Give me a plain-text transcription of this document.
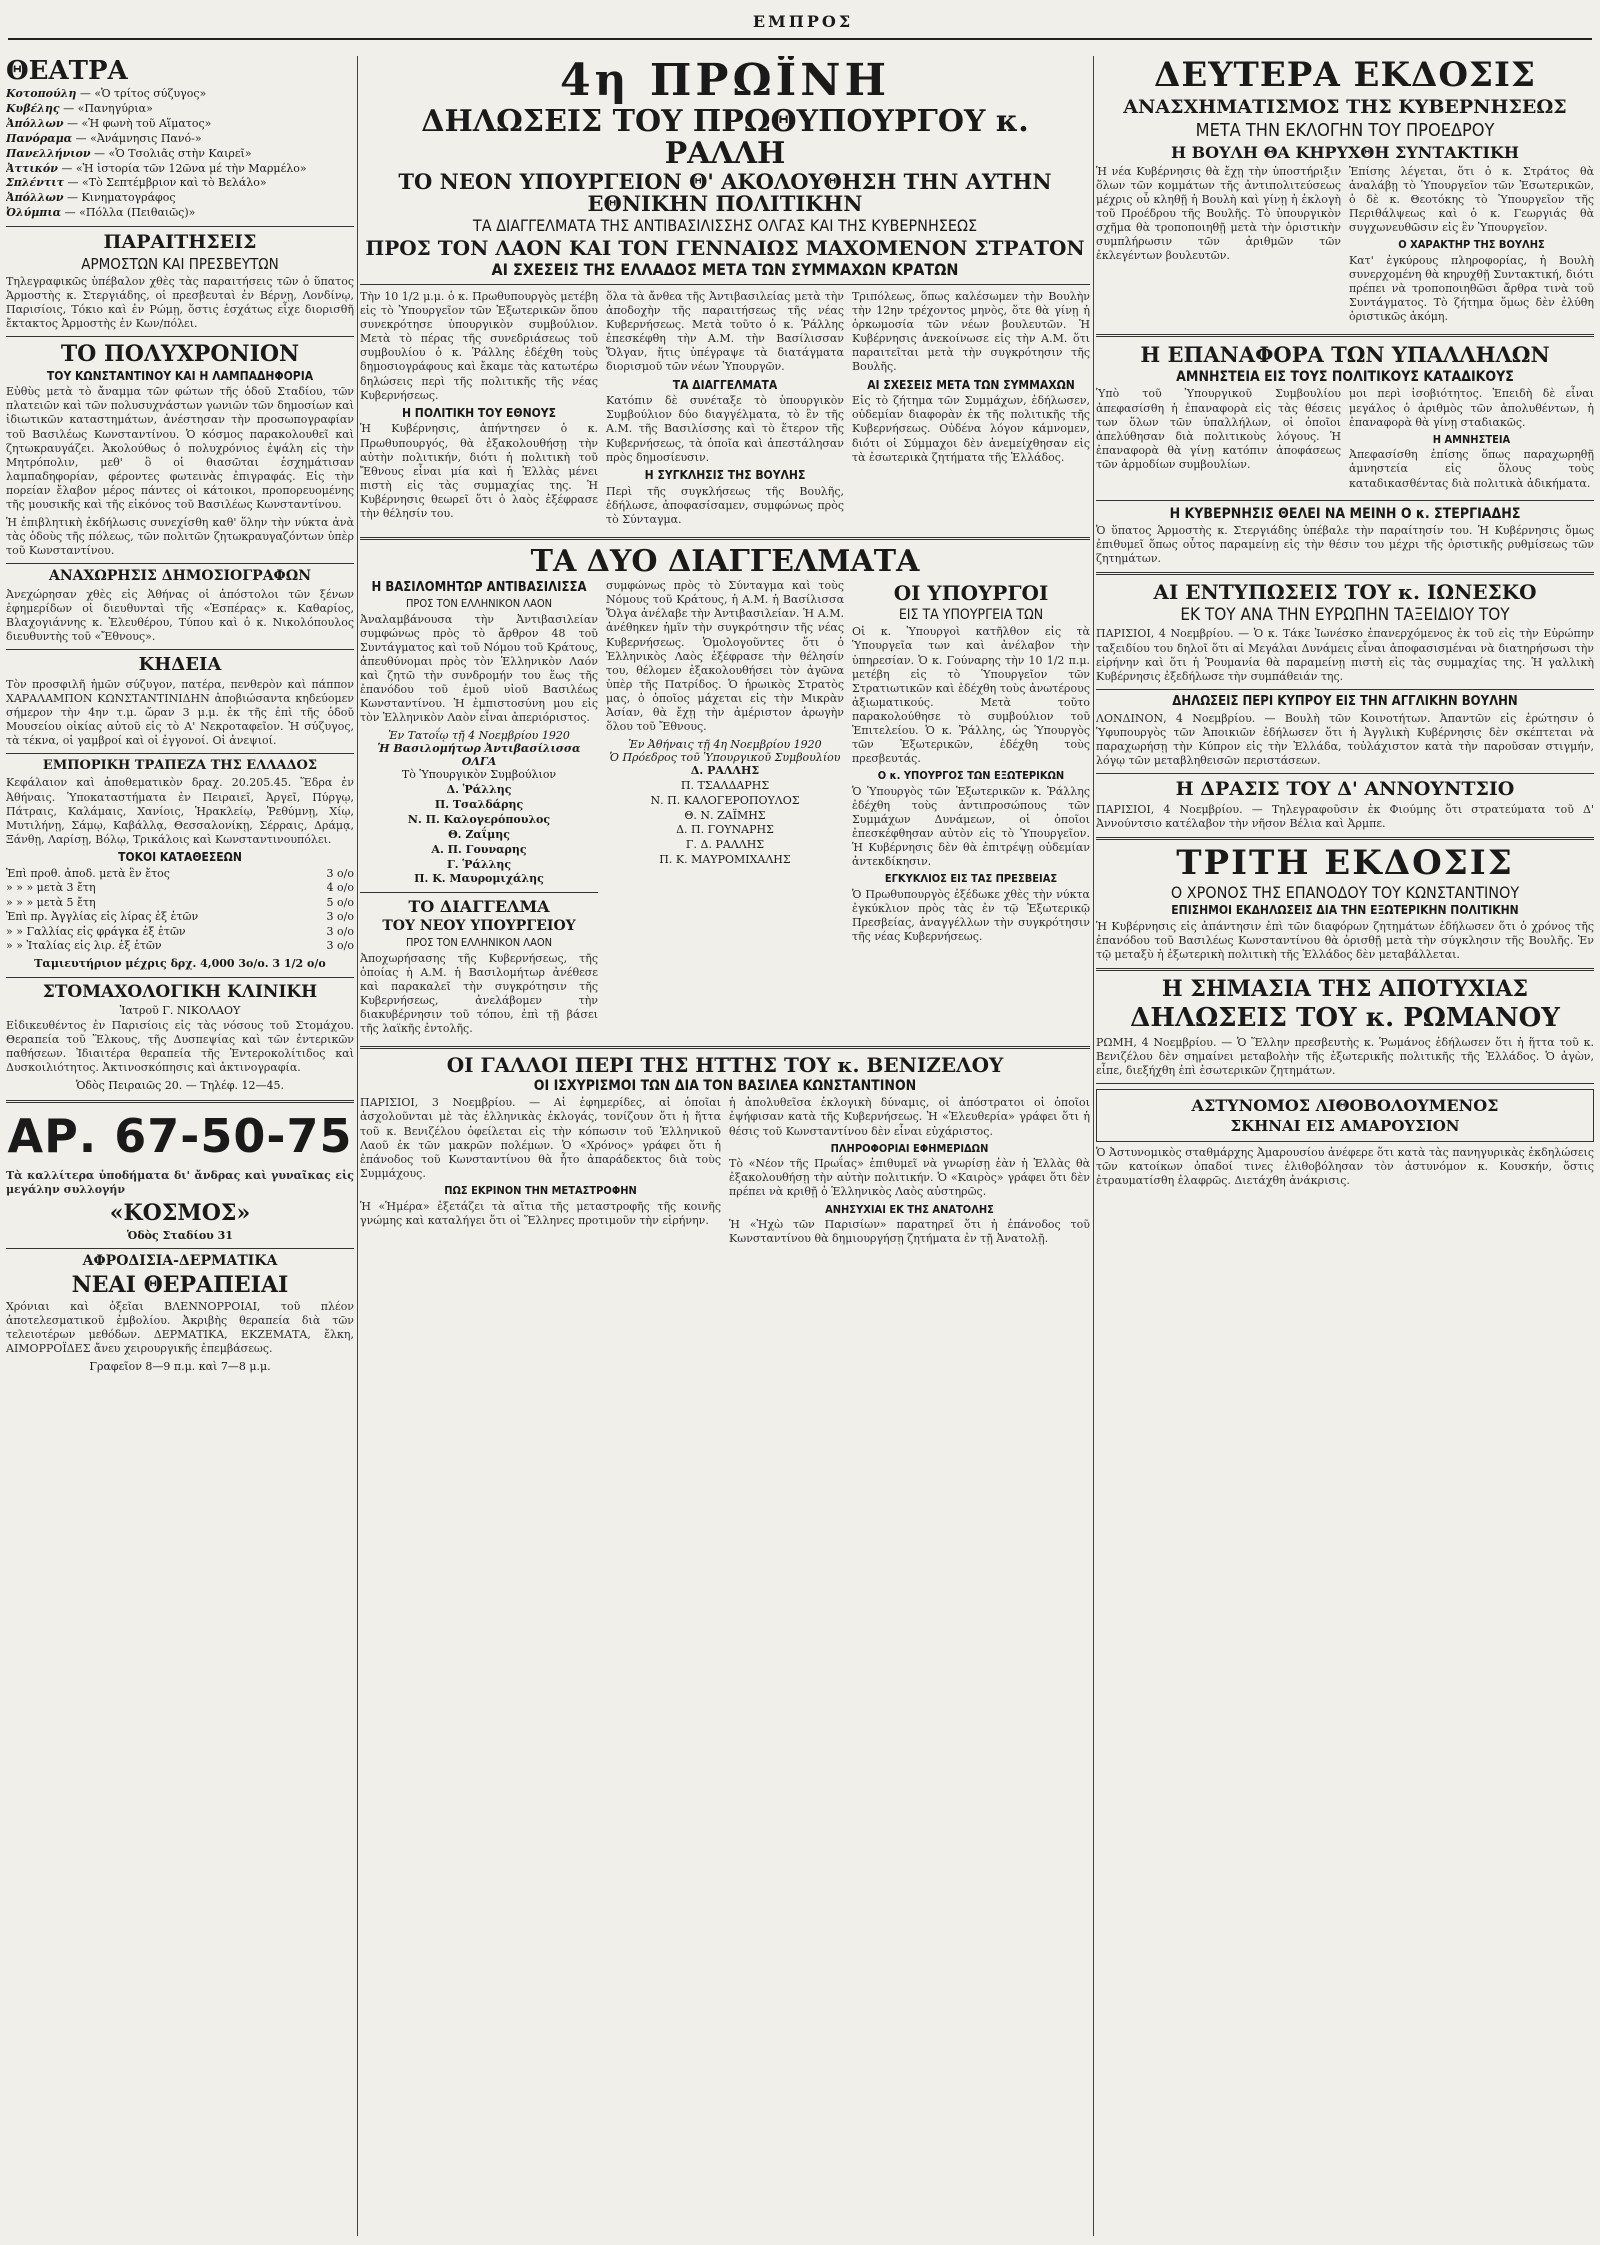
ΕΜΠΡΟΣ
ΘΕΑΤΡΑ
Κοτοπούλη — «Ὁ τρίτος σύζυγος»
Κυβέλης — «Πανηγύρια»
Ἀπόλλων — «Ἡ φωνὴ τοῦ Αἵματος»
Πανόραμα — «Ἀνάμνησις Πανό-»
Πανελλήνιον — «Ὁ Τσολιᾶς στὴν Καιρεῖ»
Ἀττικόν — «Ἡ ἱστορία τῶν 12ῶνα μέ τὴν Μαρμέλο»
Σπλέντιτ — «Τὸ Σεπτέμβριον καὶ τὸ Βελάλο»
Ἀπόλλων — Κινηματογράφος
Ὀλύμπια — «Πόλλα (Πειθαιῶς)»
ΠΑΡΑΙΤΗΣΕΙΣ
ΑΡΜΟΣΤΩΝ ΚΑΙ ΠΡΕΣΒΕΥΤΩΝ

Τηλεγραφικῶς ὑπέβαλον χθὲς τὰς παραιτήσεις τῶν ὁ ὕπατος Ἁρμοστὴς κ. Στεργιάδης, οἱ πρεσβευταὶ ἐν Βέρνῃ, Λονδίνῳ, Παρισίοις, Τόκιο καὶ ἐν Ρώμῃ, ὅστις ἐσχάτως εἶχε διορισθῆ ἔκτακτος Ἁρμοστὴς ἐν Κων/πόλει.

ΤΟ ΠΟΛΥΧΡΟΝΙΟΝ
ΤΟΥ ΚΩΝΣΤΑΝΤΙΝΟΥ ΚΑΙ Η ΛΑΜΠΑΔΗΦΟΡΙΑ

Εὐθὺς μετὰ τὸ ἄναμμα τῶν φώτων τῆς ὁδοῦ Σταδίου, τῶν πλατειῶν καὶ τῶν πολυσυχνάστων γωνιῶν τῶν δημοσίων καὶ ἰδιωτικῶν καταστημάτων, ἀνέστησαν τὴν προσωπογραφίαν τοῦ Βασιλέως Κωνσταντίνου. Ὁ κόσμος παρακολουθεῖ καὶ ζητωκραυγάζει. Ἀκολούθως ὁ πολυχρόνιος ἐψάλη εἰς τὴν Μητρόπολιν, μεθ' ὃ οἱ θιασῶται ἐσχημάτισαν λαμπαδηφορίαν, φέροντες φωτεινὰς ἐπιγραφάς. Εἰς τὴν πορείαν ἔλαβον μέρος πάντες οἱ κάτοικοι, προπορευομένης τῆς μουσικῆς καὶ τῆς εἰκόνος τοῦ Βασιλέως Κωνσταντίνου.

Ἡ ἐπιβλητικὴ ἐκδήλωσις συνεχίσθη καθ' ὅλην τὴν νύκτα ἀνὰ τὰς ὁδοὺς τῆς πόλεως, τῶν πολιτῶν ζητωκραυγαζόντων ὑπὲρ τοῦ Κωνσταντίνου.

ΑΝΑΧΩΡΗΣΙΣ ΔΗΜΟΣΙΟΓΡΑΦΩΝ

Ἀνεχώρησαν χθὲς εἰς Ἀθήνας οἱ ἀπόστολοι τῶν ξένων ἐφημερίδων οἱ διευθυνταὶ τῆς «Ἑσπέρας» κ. Καθαρίος, Βλαχογιάννης κ. Ἐλευθέρου, Τύπου καὶ ὁ κ. Νικολόπουλος διευθυντὴς τοῦ «Ἔθνους».

ΚΗΔΕΙΑ

Τὸν προσφιλῆ ἡμῶν σύζυγον, πατέρα, πενθερὸν καὶ πάππον ΧΑΡΑΛΑΜΠΟΝ ΚΩΝΣΤΑΝΤΙΝΙΔΗΝ ἀποβιώσαντα κηδεύομεν σήμερον τὴν 4ην τ.μ. ὥραν 3 μ.μ. ἐκ τῆς ἐπὶ τῆς ὁδοῦ Μουσείου οἰκίας αὐτοῦ εἰς τὸ Α' Νεκροταφεῖον. Ἡ σύζυγος, τὰ τέκνα, οἱ γαμβροί καὶ οἱ ἐγγονοί. Οἱ ἀνεψιοί.

ΕΜΠΟΡΙΚΗ ΤΡΑΠΕΖΑ ΤΗΣ ΕΛΛΑΔΟΣ

Κεφάλαιον καὶ ἀποθεματικὸν δραχ. 20.205.45. Ἕδρα ἐν Ἀθήναις. Ὑποκαταστήματα ἐν Πειραιεῖ, Ἀργεῖ, Πύργῳ, Πάτραις, Καλάμαις, Χανίοις, Ἡρακλείῳ, Ῥεθύμνῃ, Χίῳ, Μυτιλήνῃ, Σάμῳ, Καβάλλᾳ, Θεσσαλονίκῃ, Σέρραις, Δράμᾳ, Ξάνθῃ, Λαρίσῃ, Βόλῳ, Τρικάλοις καὶ Κωνσταντινουπόλει.

ΤΟΚΟΙ ΚΑΤΑΘΕΣΕΩΝ
Ἐπὶ προθ. ἀποδ. μετὰ ἓν ἔτος	3 ο/ο
» » » μετὰ 3 ἔτη	4 ο/ο
» » » μετὰ 5 ἔτη	5 ο/ο
Ἐπὶ πρ. Ἀγγλίας εἰς λίρας ἐξ ἑτῶν	3 ο/ο
» » Γαλλίας εἰς φράγκα ἐξ ἑτῶν	3 ο/ο
» » Ἰταλίας εἰς λιρ. ἐξ ἑτῶν	3 ο/ο
Ταμιευτήριον μέχρις δρχ. 4,000 3ο/ο. 3 1/2 ο/ο
ΣΤΟΜΑΧΟΛΟΓΙΚΗ ΚΛΙΝΙΚΗ
Ἰατροῦ Γ. ΝΙΚΟΛΑΟΥ

Εἰδικευθέντος ἐν Παρισίοις εἰς τὰς νόσους τοῦ Στομάχου. Θεραπεία τοῦ Ἕλκους, τῆς Δυσπεψίας καὶ τῶν ἐντερικῶν παθήσεων. Ἰδιαιτέρα θεραπεία τῆς Ἐντεροκολίτιδος καὶ Δυσκοιλιότητος. Ἀκτινοσκόπησις καὶ ἀκτινογραφία.

Ὁδὸς Πειραιῶς 20. — Τηλέφ. 12—45.
ΑΡ. 67-50-75

Τὰ καλλίτερα ὑποδήματα δι' ἄνδρας καὶ γυναῖκας εἰς μεγάλην συλλογήν

«ΚΟΣΜΟΣ»
Ὁδὸς Σταδίου 31
ΑΦΡΟΔΙΣΙΑ-ΔΕΡΜΑΤΙΚΑ
ΝΕΑΙ ΘΕΡΑΠΕΙΑΙ

Χρόνιαι καὶ ὀξεῖαι ΒΛΕΝΝΟΡΡΟΙΑΙ, τοῦ πλέον ἀποτελεσματικοῦ ἐμβολίου. Ἀκριβὴς θεραπεία διὰ τῶν τελειοτέρων μεθόδων. ΔΕΡΜΑΤΙΚΑ, ΕΚΖΕΜΑΤΑ, ἔλκη, ΑΙΜΟΡΡΟΪΔΕΣ ἄνευ χειρουργικῆς ἐπεμβάσεως.

Γραφεῖον 8—9 π.μ. καὶ 7—8 μ.μ.
4η ΠΡΩΪΝΗ
ΔΗΛΩΣΕΙΣ ΤΟΥ ΠΡΩΘΥΠΟΥΡΓΟΥ κ. ΡΑΛΛΗ
ΤΟ ΝΕΟΝ ΥΠΟΥΡΓΕΙΟΝ Θ' ΑΚΟΛΟΥΘΗΣΗ ΤΗΝ ΑΥΤΗΝ ΕΘΝΙΚΗΝ ΠΟΛΙΤΙΚΗΝ
ΤΑ ΔΙΑΓΓΕΛΜΑΤΑ ΤΗΣ ΑΝΤΙΒΑΣΙΛΙΣΣΗΣ ΟΛΓΑΣ ΚΑΙ ΤΗΣ ΚΥΒΕΡΝΗΣΕΩΣ
ΠΡΟΣ ΤΟΝ ΛΑΟΝ ΚΑΙ ΤΟΝ ΓΕΝΝΑΙΩΣ ΜΑΧΟΜΕΝΟΝ ΣΤΡΑΤΟΝ
ΑΙ ΣΧΕΣΕΙΣ ΤΗΣ ΕΛΛΑΔΟΣ ΜΕΤΑ ΤΩΝ ΣΥΜΜΑΧΩΝ ΚΡΑΤΩΝ

Τὴν 10 1/2 μ.μ. ὁ κ. Πρωθυπουργὸς μετέβη εἰς τὸ Ὑπουργεῖον τῶν Ἐξωτερικῶν ὅπου συνεκρότησε ὑπουργικὸν συμβούλιον. Μετὰ τὸ πέρας τῆς συνεδριάσεως τοῦ συμβουλίου ὁ κ. Ῥάλλης ἐδέχθη τοὺς δημοσιογράφους καὶ ἔκαμε τὰς κατωτέρω δηλώσεις περὶ τῆς πολιτικῆς τῆς νέας Κυβερνήσεως.

Η ΠΟΛΙΤΙΚΗ ΤΟΥ ΕΘΝΟΥΣ

Ἡ Κυβέρνησις, ἀπήντησεν ὁ κ. Πρωθυπουργός, θὰ ἐξακολουθήσῃ τὴν αὐτὴν πολιτικήν, διότι ἡ πολιτικὴ τοῦ Ἔθνους εἶναι μία καὶ ἡ Ἑλλὰς μένει πιστὴ εἰς τὰς συμμαχίας της. Ἡ Κυβέρνησις θεωρεῖ ὅτι ὁ λαὸς ἐξέφρασε τὴν θέλησίν του.

ὅλα τὰ ἄνθεα τῆς Ἀντιβασιλείας μετὰ τὴν ἀποδοχὴν τῆς παραιτήσεως τῆς νέας Κυβερνήσεως. Μετὰ τοῦτο ὁ κ. Ῥάλλης ἐπεσκέφθη τὴν Α.Μ. τὴν Βασίλισσαν Ὄλγαν, ἥτις ὑπέγραψε τὰ διατάγματα διορισμοῦ τῶν νέων Ὑπουργῶν.

ΤΑ ΔΙΑΓΓΕΛΜΑΤΑ

Κατόπιν δὲ συνέταξε τὸ ὑπουργικὸν Συμβούλιον δύο διαγγέλματα, τὸ ἓν τῆς Α.Μ. τῆς Βασιλίσσης καὶ τὸ ἕτερον τῆς Κυβερνήσεως, τὰ ὁποῖα καὶ ἀπεστάλησαν πρὸς δημοσίευσιν.

Η ΣΥΓΚΛΗΣΙΣ ΤΗΣ ΒΟΥΛΗΣ

Περὶ τῆς συγκλήσεως τῆς Βουλῆς, ἐδήλωσε, ἀποφασίσαμεν, συμφώνως πρὸς τὸ Σύνταγμα.

Τριπόλεως, ὅπως καλέσωμεν τὴν Βουλὴν τὴν 12ην τρέχοντος μηνὸς, ὅτε θὰ γίνῃ ἡ ὁρκωμοσία τῶν νέων βουλευτῶν. Ἡ Κυβέρνησις ἀνεκοίνωσε εἰς τὴν Α.Μ. ὅτι παραιτεῖται μετὰ τὴν συγκρότησιν τῆς Βουλῆς.

ΑΙ ΣΧΕΣΕΙΣ ΜΕΤΑ ΤΩΝ ΣΥΜΜΑΧΩΝ

Εἰς τὸ ζήτημα τῶν Συμμάχων, ἐδήλωσεν, οὐδεμίαν διαφορὰν ἐκ τῆς πολιτικῆς τῆς Κυβερνήσεως. Οὐδένα λόγον κάμνομεν, διότι οἱ Σύμμαχοι δὲν ἀνεμείχθησαν εἰς τὰ ἐσωτερικὰ ζητήματα τῆς Ἑλλάδος.

ΤΑ ΔΥΟ ΔΙΑΓΓΕΛΜΑΤΑ
Η ΒΑΣΙΛΟΜΗΤΩΡ ΑΝΤΙΒΑΣΙΛΙΣΣΑ
ΠΡΟΣ ΤΟΝ ΕΛΛΗΝΙΚΟΝ ΛΑΟΝ

Ἀναλαμβάνουσα τὴν Ἀντιβασιλείαν συμφώνως πρὸς τὸ ἄρθρον 48 τοῦ Συντάγματος καὶ τοῦ Νόμου τοῦ Κράτους, ἀπευθύνομαι πρὸς τὸν Ἑλληνικὸν Λαόν καὶ ζητῶ τὴν συνδρομήν του ἕως τῆς ἐπανόδου τοῦ ἐμοῦ υἱοῦ Βασιλέως Κωνσταντίνου. Ἡ ἐμπιστοσύνη μου εἰς τὸν Ἑλληνικὸν Λαὸν εἶναι ἀπεριόριστος.

Ἐν Τατοΐῳ τῇ 4 Νοεμβρίου 1920
Ἡ Βασιλομήτωρ Ἀντιβασίλισσα ΟΛΓΑ
Τὸ Ὑπουργικὸν Συμβούλιον
Δ. Ῥάλλης
Π. Τσαλδάρης
Ν. Π. Καλογερόπουλος
Θ. Ζαΐμης
Α. Π. Γουναρης
Γ. Ῥάλλης
Π. Κ. Μαυρομιχάλης
ΤΟ ΔΙΑΓΓΕΛΜΑ
ΤΟΥ ΝΕΟΥ ΥΠΟΥΡΓΕΙΟΥ
ΠΡΟΣ ΤΟΝ ΕΛΛΗΝΙΚΟΝ ΛΑΟΝ

Ἀποχωρήσασης τῆς Κυβερνήσεως, τῆς ὁποίας ἡ Α.Μ. ἡ Βασιλομήτωρ ἀνέθεσε καὶ παρακαλεῖ τὴν συγκρότησιν τῆς Κυβερνήσεως, ἀνελάβομεν τὴν διακυβέρνησιν τοῦ τόπου, ἐπὶ τῇ βάσει τῆς λαϊκῆς ἐντολῆς.

συμφώνως πρὸς τὸ Σύνταγμα καὶ τοὺς Νόμους τοῦ Κράτους, ἡ Α.Μ. ἡ Βασίλισσα Ὄλγα ἀνέλαβε τὴν Ἀντιβασιλείαν. Ἡ Α.Μ. ἀνέθηκεν ἡμῖν τὴν συγκρότησιν τῆς νέας Κυβερνήσεως. Ὁμολογοῦντες ὅτι ὁ Ἑλληνικὸς Λαὸς ἐξέφρασε τὴν θέλησίν του, θέλομεν ἐξακολουθήσει τὸν ἀγῶνα ὑπὲρ τῆς Πατρίδος. Ὁ ἡρωικὸς Στρατὸς μας, ὁ ὁποῖος μάχεται εἰς τὴν Μικρὰν Ἀσίαν, θὰ ἔχῃ τὴν ἀμέριστον ἀρωγὴν ὅλου τοῦ Ἔθνους.

Ἐν Ἀθήναις τῇ 4η Νοεμβρίου 1920
Ὁ Πρόεδρος τοῦ Ὑπουργικοῦ Συμβουλίου
Δ. ΡΑΛΛΗΣ
Π. ΤΣΑΛΔΑΡΗΣ
Ν. Π. ΚΑΛΟΓΕΡΟΠΟΥΛΟΣ
Θ. Ν. ΖΑΪΜΗΣ
Δ. Π. ΓΟΥΝΑΡΗΣ
Γ. Δ. ΡΑΛΛΗΣ
Π. Κ. ΜΑΥΡΟΜΙΧΑΛΗΣ
ΟΙ ΥΠΟΥΡΓΟΙ
ΕΙΣ ΤΑ ΥΠΟΥΡΓΕΙΑ ΤΩΝ

Οἱ κ. Ὑπουργοὶ κατῆλθον εἰς τὰ Ὑπουργεῖα των καὶ ἀνέλαβον τὴν ὑπηρεσίαν. Ὁ κ. Γούναρης τὴν 10 1/2 π.μ. μετέβη εἰς τὸ Ὑπουργεῖον τῶν Στρατιωτικῶν καὶ ἐδέχθη τοὺς ἀνωτέρους ἀξιωματικούς. Μετὰ τοῦτο παρακολούθησε τὸ συμβούλιον τοῦ Ἐπιτελείου. Ὁ κ. Ῥάλλης, ὡς Ὑπουργὸς τῶν Ἐξωτερικῶν, ἐδέχθη τοὺς πρεσβευτάς.

Ο κ. ΥΠΟΥΡΓΟΣ ΤΩΝ ΕΞΩΤΕΡΙΚΩΝ

Ὁ Ὑπουργὸς τῶν Ἐξωτερικῶν κ. Ῥάλλης ἐδέχθη τοὺς ἀντιπροσώπους τῶν Συμμάχων Δυνάμεων, οἱ ὁποῖοι ἐπεσκέφθησαν αὐτὸν εἰς τὸ Ὑπουργεῖον. Ἡ Κυβέρνησις δὲν θὰ ἐπιτρέψῃ οὐδεμίαν ἀντεκδίκησιν.

ΕΓΚΥΚΛΙΟΣ ΕΙΣ ΤΑΣ ΠΡΕΣΒΕΙΑΣ

Ὁ Πρωθυπουργὸς ἐξέδωκε χθὲς τὴν νύκτα ἐγκύκλιον πρὸς τὰς ἐν τῷ Ἐξωτερικῷ Πρεσβείας, ἀναγγέλλων τὴν συγκρότησιν τῆς νέας Κυβερνήσεως.

ΟΙ ΓΑΛΛΟΙ ΠΕΡΙ ΤΗΣ ΗΤΤΗΣ ΤΟΥ κ. ΒΕΝΙΖΕΛΟΥ
ΟΙ ΙΣΧΥΡΙΣΜΟΙ ΤΩΝ ΔΙΑ ΤΟΝ ΒΑΣΙΛΕΑ ΚΩΝΣΤΑΝΤΙΝΟΝ

ΠΑΡΙΣΙΟΙ, 3 Νοεμβρίου. — Αἱ ἐφημερίδες, αἱ ὁποῖαι ἀσχολοῦνται μὲ τὰς ἑλληνικὰς ἐκλογάς, τονίζουν ὅτι ἡ ἥττα τοῦ κ. Βενιζέλου ὀφείλεται εἰς τὴν κόπωσιν τοῦ Ἑλληνικοῦ Λαοῦ ἐκ τῶν μακρῶν πολέμων. Ὁ «Χρόνος» γράφει ὅτι ἡ ἐπάνοδος τοῦ Κωνσταντίνου θὰ ἦτο ἀπαράδεκτος διὰ τοὺς Συμμάχους.

ΠΩΣ ΕΚΡΙΝΟΝ ΤΗΝ ΜΕΤΑΣΤΡΟΦΗΝ

Ἡ «Ἡμέρα» ἐξετάζει τὰ αἴτια τῆς μεταστροφῆς τῆς κοινῆς γνώμης καὶ καταλήγει ὅτι οἱ Ἕλληνες προτιμοῦν τὴν εἰρήνην.

ἡ ἀπολυθεῖσα ἐκλογικὴ δύναμις, οἱ ἀπόστρατοι οἱ ὁποῖοι ἐψήφισαν κατὰ τῆς Κυβερνήσεως. Ἡ «Ἐλευθερία» γράφει ὅτι ἡ θέσις τοῦ Κωνσταντίνου δὲν εἶναι εὐχάριστος.

ΠΛΗΡΟΦΟΡΙΑΙ ΕΦΗΜΕΡΙΔΩΝ

Τὸ «Νέον τῆς Πρωΐας» ἐπιθυμεῖ νὰ γνωρίσῃ ἐὰν ἡ Ἑλλὰς θὰ ἐξακολουθήσῃ τὴν αὐτὴν πολιτικήν. Ὁ «Καιρὸς» γράφει ὅτι δὲν πρέπει νὰ κριθῇ ὁ Ἑλληνικὸς Λαὸς αὐστηρῶς.

ΑΝΗΣΥΧΙΑΙ ΕΚ ΤΗΣ ΑΝΑΤΟΛΗΣ

Ἡ «Ἠχὼ τῶν Παρισίων» παρατηρεῖ ὅτι ἡ ἐπάνοδος τοῦ Κωνσταντίνου θὰ δημιουργήσῃ ζητήματα ἐν τῇ Ἀνατολῇ.

ΔΕΥΤΕΡΑ ΕΚΔΟΣΙΣ
ΑΝΑΣΧΗΜΑΤΙΣΜΟΣ ΤΗΣ ΚΥΒΕΡΝΗΣΕΩΣ
ΜΕΤΑ ΤΗΝ ΕΚΛΟΓΗΝ ΤΟΥ ΠΡΟΕΔΡΟΥ
Η ΒΟΥΛΗ ΘΑ ΚΗΡΥΧΘΗ ΣΥΝΤΑΚΤΙΚΗ

Ἡ νέα Κυβέρνησις θὰ ἔχῃ τὴν ὑποστήριξιν ὅλων τῶν κομμάτων τῆς ἀντιπολιτεύσεως μέχρις οὗ κληθῇ ἡ Βουλὴ καὶ γίνῃ ἡ ἐκλογὴ τοῦ Προέδρου τῆς Βουλῆς. Τὸ ὑπουργικὸν σχῆμα θὰ τροποποιηθῇ μετὰ τὴν ὁριστικὴν συμπλήρωσιν τῶν ἀριθμῶν τῶν ἐκλεγέντων βουλευτῶν.

Ἐπίσης λέγεται, ὅτι ὁ κ. Στράτος θὰ ἀναλάβῃ τὸ Ὑπουργεῖον τῶν Ἐσωτερικῶν, ὁ δὲ κ. Θεοτόκης τὸ Ὑπουργεῖον τῆς Περιθάλψεως καὶ ὁ κ. Γεωργιάς θὰ συγχωνευθῶσιν εἰς ἓν Ὑπουργεῖον.

Ο ΧΑΡΑΚΤΗΡ ΤΗΣ ΒΟΥΛΗΣ

Κατ' ἐγκύρους πληροφορίας, ἡ Βουλὴ συνερχομένη θὰ κηρυχθῇ Συντακτική, διότι πρέπει νὰ τροποποιηθῶσι ἄρθρα τινὰ τοῦ Συντάγματος. Τὸ ζήτημα ὅμως δὲν ἐλύθη ὁριστικῶς ἀκόμη.

Η ΕΠΑΝΑΦΟΡΑ ΤΩΝ ΥΠΑΛΛΗΛΩΝ
ΑΜΝΗΣΤΕΙΑ ΕΙΣ ΤΟΥΣ ΠΟΛΙΤΙΚΟΥΣ ΚΑΤΑΔΙΚΟΥΣ

Ὑπὸ τοῦ Ὑπουργικοῦ Συμβουλίου ἀπεφασίσθη ἡ ἐπαναφορὰ εἰς τὰς θέσεις των ὅλων τῶν ὑπαλλήλων, οἱ ὁποῖοι ἀπελύθησαν διὰ πολιτικοὺς λόγους. Ἡ ἐπαναφορὰ θὰ γίνῃ κατόπιν ἀποφάσεως τῶν ἁρμοδίων συμβουλίων.

μοι περὶ ἰσοβιότητος. Ἐπειδὴ δὲ εἶναι μεγάλος ὁ ἀριθμὸς τῶν ἀπολυθέντων, ἡ ἐπαναφορὰ θὰ γίνῃ σταδιακῶς.

Η ΑΜΝΗΣΤΕΙΑ

Ἀπεφασίσθη ἐπίσης ὅπως παραχωρηθῇ ἀμνηστεία εἰς ὅλους τοὺς καταδικασθέντας διὰ πολιτικὰ ἀδικήματα.

Η ΚΥΒΕΡΝΗΣΙΣ ΘΕΛΕΙ ΝΑ ΜΕΙΝΗ Ο κ. ΣΤΕΡΓΙΑΔΗΣ

Ὁ ὕπατος Ἁρμοστὴς κ. Στεργιάδης ὑπέβαλε τὴν παραίτησίν του. Ἡ Κυβέρνησις ὅμως ἐπιθυμεῖ ὅπως οὗτος παραμείνῃ εἰς τὴν θέσιν του μέχρι τῆς ὁριστικῆς ρυθμίσεως τῶν ζητημάτων.

ΑΙ ΕΝΤΥΠΩΣΕΙΣ ΤΟΥ κ. ΙΩΝΕΣΚΟ
ΕΚ ΤΟΥ ΑΝΑ ΤΗΝ ΕΥΡΩΠΗΝ ΤΑΞΕΙΔΙΟΥ ΤΟΥ

ΠΑΡΙΣΙΟΙ, 4 Νοεμβρίου. — Ὁ κ. Τάκε Ἰωνέσκο ἐπανερχόμενος ἐκ τοῦ εἰς τὴν Εὐρώπην ταξειδίου του δηλοῖ ὅτι αἱ Μεγάλαι Δυνάμεις εἶναι ἀποφασισμέναι νὰ διατηρήσωσι τὴν εἰρήνην καὶ ὅτι ἡ Ῥουμανία θὰ παραμείνῃ πιστὴ εἰς τὰς συμμαχίας της. Ἡ γαλλικὴ Κυβέρνησις ἐξεδήλωσε τὴν συμπάθειάν της.

ΔΗΛΩΣΕΙΣ ΠΕΡΙ ΚΥΠΡΟΥ ΕΙΣ ΤΗΝ ΑΓΓΛΙΚΗΝ ΒΟΥΛΗΝ

ΛΟΝΔΙΝΟΝ, 4 Νοεμβρίου. — Βουλὴ τῶν Κοινοτήτων. Ἀπαντῶν εἰς ἐρώτησιν ὁ Ὑφυπουργὸς τῶν Ἀποικιῶν ἐδήλωσεν ὅτι ἡ Ἀγγλικὴ Κυβέρνησις δὲν σκέπτεται νὰ παραχωρήσῃ τὴν Κύπρον εἰς τὴν Ἑλλάδα, τοὐλάχιστον κατὰ τὴν παροῦσαν στιγμήν, λόγῳ τῶν μεταβληθεισῶν περιστάσεων.

Η ΔΡΑΣΙΣ ΤΟΥ Δ' ΑΝΝΟΥΝΤΣΙΟ

ΠΑΡΙΣΙΟΙ, 4 Νοεμβρίου. — Τηλεγραφοῦσιν ἐκ Φιούμης ὅτι στρατεύματα τοῦ Δ' Ἀννούντσιο κατέλαβον τὴν νῆσον Βέλια καὶ Ἀρμπε.

ΤΡΙΤΗ ΕΚΔΟΣΙΣ
Ο ΧΡΟΝΟΣ ΤΗΣ ΕΠΑΝΟΔΟΥ ΤΟΥ ΚΩΝΣΤΑΝΤΙΝΟΥ
ΕΠΙΣΗΜΟΙ ΕΚΔΗΛΩΣΕΙΣ ΔΙΑ ΤΗΝ ΕΞΩΤΕΡΙΚΗΝ ΠΟΛΙΤΙΚΗΝ

Ἡ Κυβέρνησις εἰς ἀπάντησιν ἐπὶ τῶν διαφόρων ζητημάτων ἐδήλωσεν ὅτι ὁ χρόνος τῆς ἐπανόδου τοῦ Βασιλέως Κωνσταντίνου θὰ ὁρισθῇ μετὰ τὴν σύγκλησιν τῆς Βουλῆς. Ἐν τῷ μεταξὺ ἡ ἐξωτερικὴ πολιτικὴ τῆς Ἑλλάδος δὲν μεταβάλλεται.

Η ΣΗΜΑΣΙΑ ΤΗΣ ΑΠΟΤΥΧΙΑΣ
ΔΗΛΩΣΕΙΣ ΤΟΥ κ. ΡΩΜΑΝΟΥ

ΡΩΜΗ, 4 Νοεμβρίου. — Ὁ Ἕλλην πρεσβευτὴς κ. Ῥωμάνος ἐδήλωσεν ὅτι ἡ ἥττα τοῦ κ. Βενιζέλου δὲν σημαίνει μεταβολὴν τῆς ἐξωτερικῆς πολιτικῆς τῆς Ἑλλάδος. Ὁ ἀγὼν, εἶπε, διεξήχθη ἐπὶ ἐσωτερικῶν ζητημάτων.

ΑΣΤΥΝΟΜΟΣ ΛΙΘΟΒΟΛΟΥΜΕΝΟΣ
ΣΚΗΝΑΙ ΕΙΣ ΑΜΑΡΟΥΣΙΟΝ

Ὁ Ἀστυνομικὸς σταθμάρχης Ἀμαρουσίου ἀνέφερε ὅτι κατὰ τὰς πανηγυρικὰς ἐκδηλώσεις τῶν κατοίκων ὀπαδοί τινες ἐλιθοβόλησαν τὸν ἀστυνόμον κ. Κουσκήν, ὅστις ἐτραυματίσθη ἐλαφρῶς. Διετάχθη ἀνάκρισις.
